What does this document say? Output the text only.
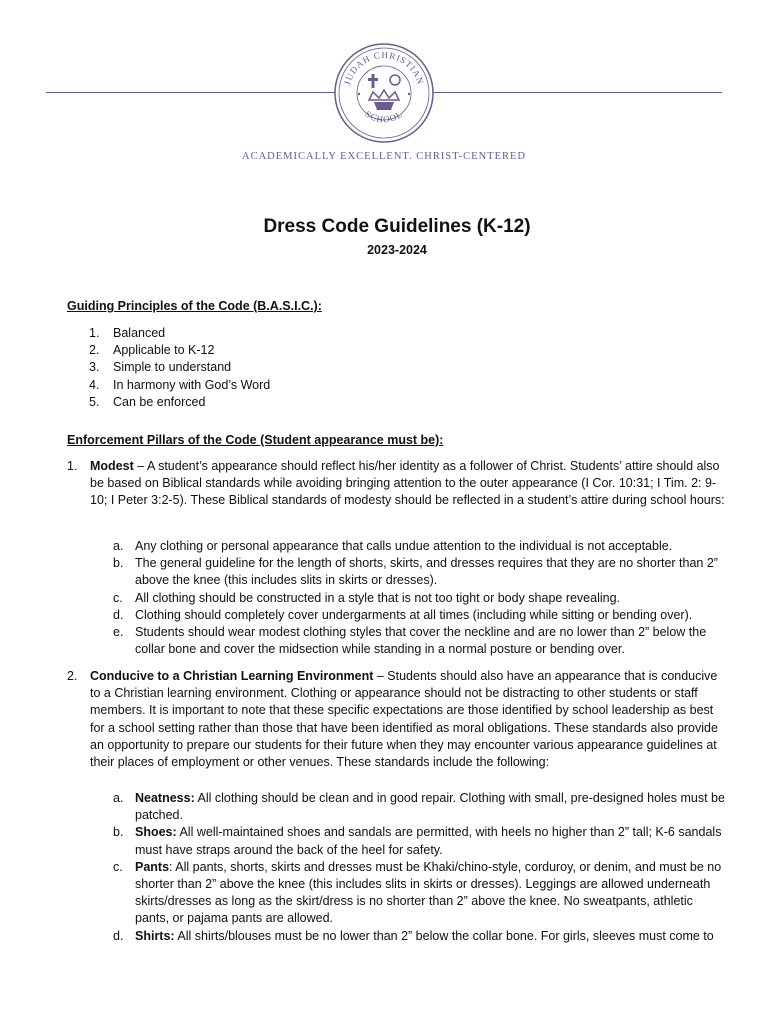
JUDAH CHRISTIAN
SCHOOL
ACADEMICALLY EXCELLENT. CHRIST-CENTERED
Dress Code Guidelines (K-12)
2023-2024
Guiding Principles of the Code (B.A.S.I.C.):
1.	Balanced
2.	Applicable to K-12
3.	Simple to understand
4.	In harmony with God’s Word
5.	Can be enforced
Enforcement Pillars of the Code (Student appearance must be):
1.	Modest – A student’s appearance should reflect his/her identity as a follower of Christ. Students’ attire should also be based on Biblical standards while avoiding bringing attention to the outer appearance (I Cor. 10:31; I Tim. 2: 9-10; I Peter 3:2-5). These Biblical standards of modesty should be reflected in a student’s attire during school hours:
a. Any clothing or personal appearance that calls undue attention to the individual is not acceptable.
b. The general guideline for the length of shorts, skirts, and dresses requires that they are no shorter than 2” above the knee (this includes slits in skirts or dresses).
c. All clothing should be constructed in a style that is not too tight or body shape revealing.
d. Clothing should completely cover undergarments at all times (including while sitting or bending over).
e. Students should wear modest clothing styles that cover the neckline and are no lower than 2” below the collar bone and cover the midsection while standing in a normal posture or bending over.
2.	Conducive to a Christian Learning Environment – Students should also have an appearance that is conducive to a Christian learning environment. Clothing or appearance should not be distracting to other students or staff members. It is important to note that these specific expectations are those identified by school leadership as best for a school setting rather than those that have been identified as moral obligations. These standards also provide an opportunity to prepare our students for their future when they may encounter various appearance guidelines at their places of employment or other venues. These standards include the following:
a. Neatness: All clothing should be clean and in good repair. Clothing with small, pre-designed holes must be patched.
b. Shoes: All well-maintained shoes and sandals are permitted, with heels no higher than 2” tall; K-6 sandals must have straps around the back of the heel for safety.
c. Pants: All pants, shorts, skirts and dresses must be Khaki/chino-style, corduroy, or denim, and must be no shorter than 2” above the knee (this includes slits in skirts or dresses). Leggings are allowed underneath skirts/dresses as long as the skirt/dress is no shorter than 2” above the knee. No sweatpants, athletic pants, or pajama pants are allowed.
d. Shirts: All shirts/blouses must be no lower than 2” below the collar bone. For girls, sleeves must come to
